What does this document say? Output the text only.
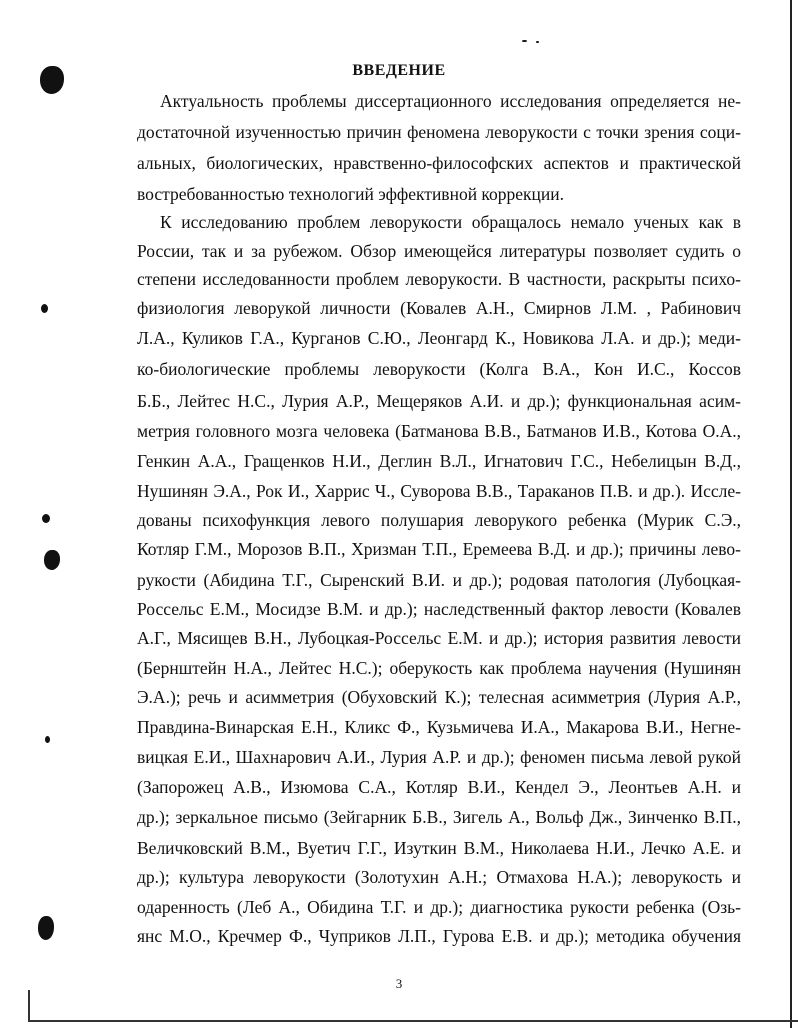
ВВЕДЕНИЕ
Актуальность проблемы диссертационного исследования определяется не-
достаточной изученностью причин феномена леворукости с точки зрения соци-
альных, биологических, нравственно-философских аспектов и практической
востребованностью технологий эффективной коррекции.
К исследованию проблем леворукости обращалось немало ученых как в
России, так и за рубежом. Обзор имеющейся литературы позволяет судить о
степени исследованности проблем леворукости. В частности, раскрыты психо-
физиология леворукой личности (Ковалев А.Н., Смирнов Л.М. , Рабинович
Л.А., Куликов Г.А., Курганов С.Ю., Леонгард К., Новикова Л.А. и др.); меди-
ко-биологические проблемы леворукости (Колга В.А., Кон И.С., Коссов
Б.Б., Лейтес Н.С., Лурия А.Р., Мещеряков А.И. и др.); функциональная асим-
метрия головного мозга человека (Батманова В.В., Батманов И.В., Котова О.А.,
Генкин А.А., Гращенков Н.И., Деглин В.Л., Игнатович Г.С., Небелицын В.Д.,
Нушинян Э.А., Рок И., Харрис Ч., Суворова В.В., Тараканов П.В. и др.). Иссле-
дованы психофункция левого полушария леворукого ребенка (Мурик С.Э.,
Котляр Г.М., Морозов В.П., Хризман Т.П., Еремеева В.Д. и др.); причины лево-
рукости (Абидина Т.Г., Сыренский В.И. и др.); родовая патология (Лубоцкая-
Россельс Е.М., Мосидзе В.М. и др.); наследственный фактор левости (Ковалев
А.Г., Мясищев В.Н., Лубоцкая-Россельс Е.М. и др.); история развития левости
(Бернштейн Н.А., Лейтес Н.С.); оберукость как проблема научения (Нушинян
Э.А.); речь и асимметрия (Обуховский К.); телесная асимметрия (Лурия А.Р.,
Правдина-Винарская Е.Н., Кликс Ф., Кузьмичева И.А., Макарова В.И., Негне-
вицкая Е.И., Шахнарович А.И., Лурия А.Р. и др.); феномен письма левой рукой
(Запорожец А.В., Изюмова С.А., Котляр В.И., Кендел Э., Леонтьев А.Н. и
др.); зеркальное письмо (Зейгарник Б.В., Зигель А., Вольф Дж., Зинченко В.П.,
Величковский В.М., Вуетич Г.Г., Изуткин В.М., Николаева Н.И., Лечко А.Е. и
др.); культура леворукости (Золотухин А.Н.; Отмахова Н.А.); леворукость и
одаренность (Леб А., Обидина Т.Г. и др.); диагностика рукости ребенка (Озь-
янс М.О., Кречмер Ф., Чуприков Л.П., Гурова Е.В. и др.); методика обучения
3
